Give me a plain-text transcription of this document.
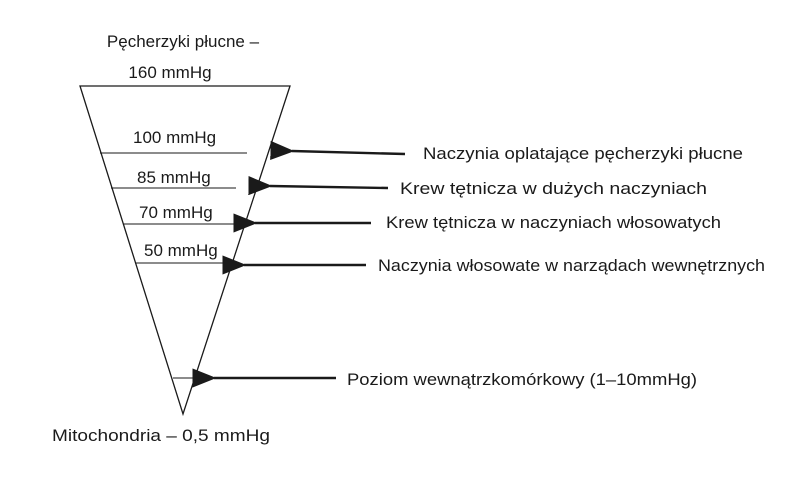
Pęcherzyki płucne –
160 mmHg
100 mmHg
85 mmHg
70 mmHg
50 mmHg
Naczynia oplatające pęcherzyki płucne
Krew tętnicza w dużych naczyniach
Krew tętnicza w naczyniach włosowatych
Naczynia włosowate w narządach wewnętrznych
Poziom wewnątrzkomórkowy (1–10mmHg)
Mitochondria – 0,5 mmHg
